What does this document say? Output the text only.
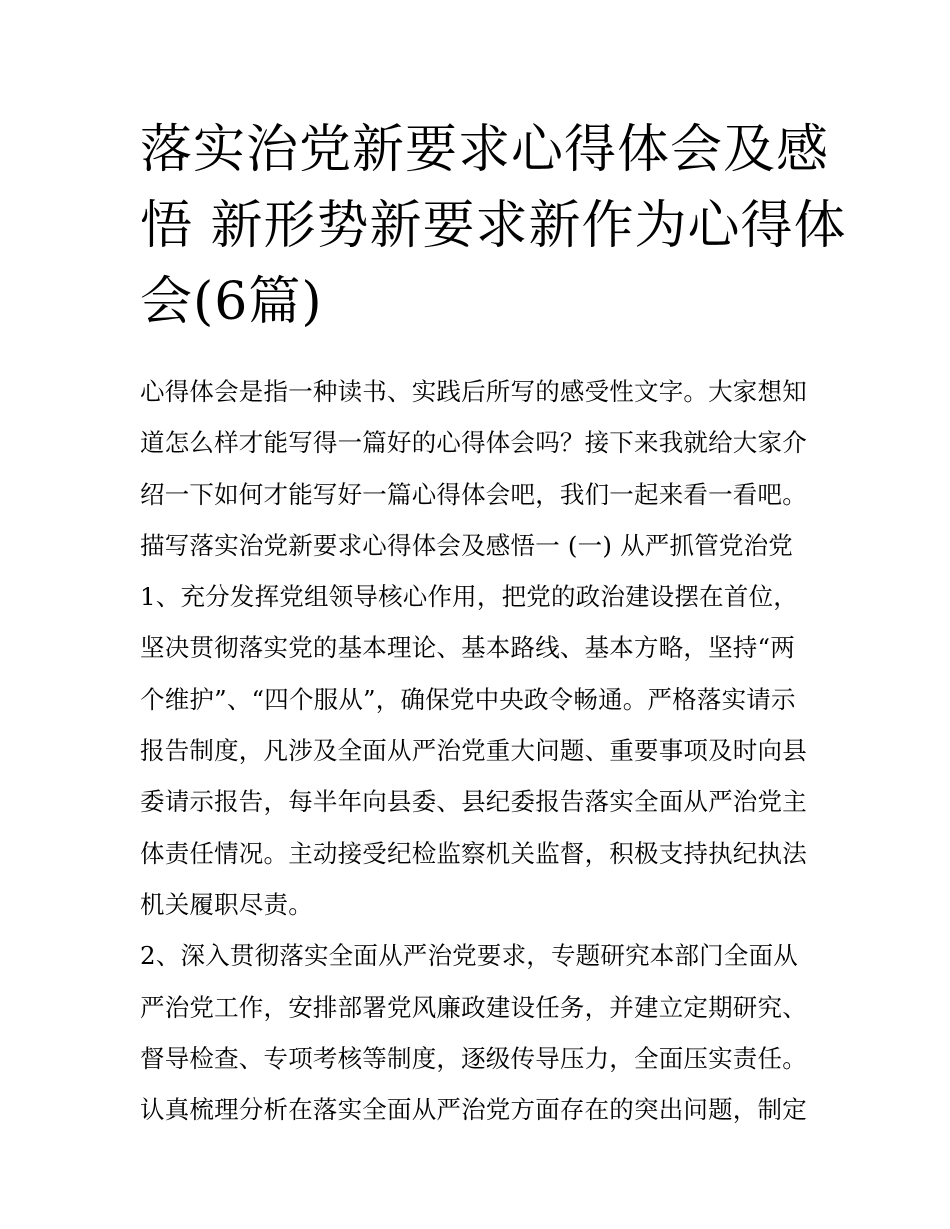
落实治党新要求心得体会及感
悟 新形势新要求新作为心得体
会(6篇)
心得体会是指一种读书、实践后所写的感受性文字。大家想知
道怎么样才能写得一篇好的心得体会吗？接下来我就给大家介
绍一下如何才能写好一篇心得体会吧，我们一起来看一看吧。
描写落实治党新要求心得体会及感悟一 (一) 从严抓管党治党
1、充分发挥党组领导核心作用，把党的政治建设摆在首位，
坚决贯彻落实党的基本理论、基本路线、基本方略，坚持“两
个维护”、“四个服从”，确保党中央政令畅通。严格落实请示
报告制度，凡涉及全面从严治党重大问题、重要事项及时向县
委请示报告，每半年向县委、县纪委报告落实全面从严治党主
体责任情况。主动接受纪检监察机关监督，积极支持执纪执法
机关履职尽责。
2、深入贯彻落实全面从严治党要求，专题研究本部门全面从
严治党工作，安排部署党风廉政建设任务，并建立定期研究、
督导检查、专项考核等制度，逐级传导压力，全面压实责任。
认真梳理分析在落实全面从严治党方面存在的突出问题，制定
